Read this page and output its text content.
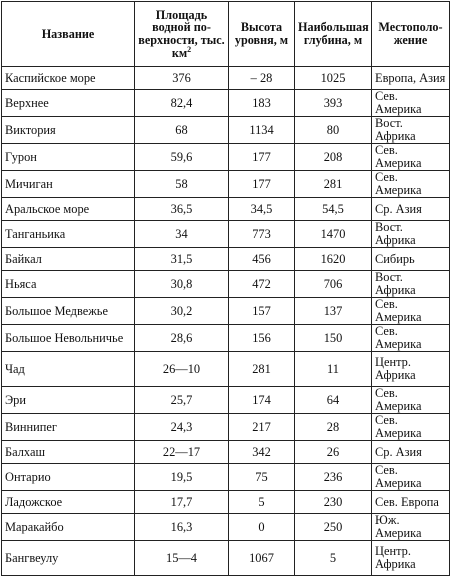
Название	Площадь водной по-верхности, тыс. $км^2$	Высота уровня, м	Наибольшая глубина, м	Местополо-жение
Каспийское море	376	– 28	1025	Европа, Азия
Верхнее	82,4	183	393	Сев. Америка
Виктория	68	1134	80	Вост. Африка
Гурон	59,6	177	208	Сев. Америка
Мичиган	58	177	281	Сев. Америка
Аральское море	36,5	34,5	54,5	Ср. Азия
Танганьика	34	773	1470	Вост. Африка
Байкал	31,5	456	1620	Сибирь
Ньяса	30,8	472	706	Вост. Африка
Большое Медвежье	30,2	157	137	Сев. Америка
Большое Невольничье	28,6	156	150	Сев. Америка
Чад	26—10	281	11	Центр. Африка
Эри	25,7	174	64	Сев. Америка
Виннипег	24,3	217	28	Сев. Америка
Балхаш	22—17	342	26	Ср. Азия
Онтарио	19,5	75	236	Сев. Америка
Ладожское	17,7	5	230	Сев. Европа
Маракайбо	16,3	0	250	Юж. Америка
Бангвеулу	15—4	1067	5	Центр. Африка
